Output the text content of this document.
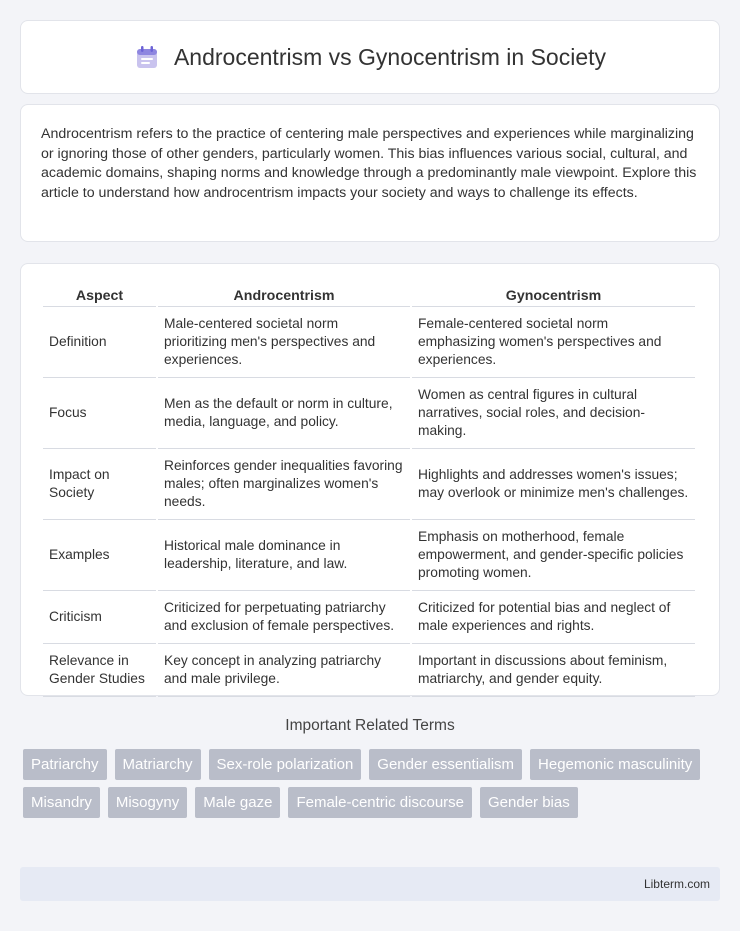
Androcentrism vs Gynocentrism in Society

Androcentrism refers to the practice of centering male perspectives and experiences while marginalizing or ignoring those of other genders, particularly women. This bias influences various social, cultural, and academic domains, shaping norms and knowledge through a predominantly male viewpoint. Explore this article to understand how androcentrism impacts your society and ways to challenge its effects.

Aspect	Androcentrism	Gynocentrism
Definition	Male-centered societal norm prioritizing men's perspectives and experiences.	Female-centered societal norm emphasizing women's perspectives and experiences.
Focus	Men as the default or norm in culture, media, language, and policy.	Women as central figures in cultural narratives, social roles, and decision-making.
Impact on Society	Reinforces gender inequalities favoring males; often marginalizes women's needs.	Highlights and addresses women's issues; may overlook or minimize men's challenges.
Examples	Historical male dominance in leadership, literature, and law.	Emphasis on motherhood, female empowerment, and gender-specific policies promoting women.
Criticism	Criticized for perpetuating patriarchy and exclusion of female perspectives.	Criticized for potential bias and neglect of male experiences and rights.
Relevance in Gender Studies	Key concept in analyzing patriarchy and male privilege.	Important in discussions about feminism, matriarchy, and gender equity.
Important Related Terms
Patriarchy	Matriarchy	Sex-role polarization	Gender essentialism	Hegemonic masculinity
Misandry	Misogyny	Male gaze	Female-centric discourse	Gender bias
Libterm.com
